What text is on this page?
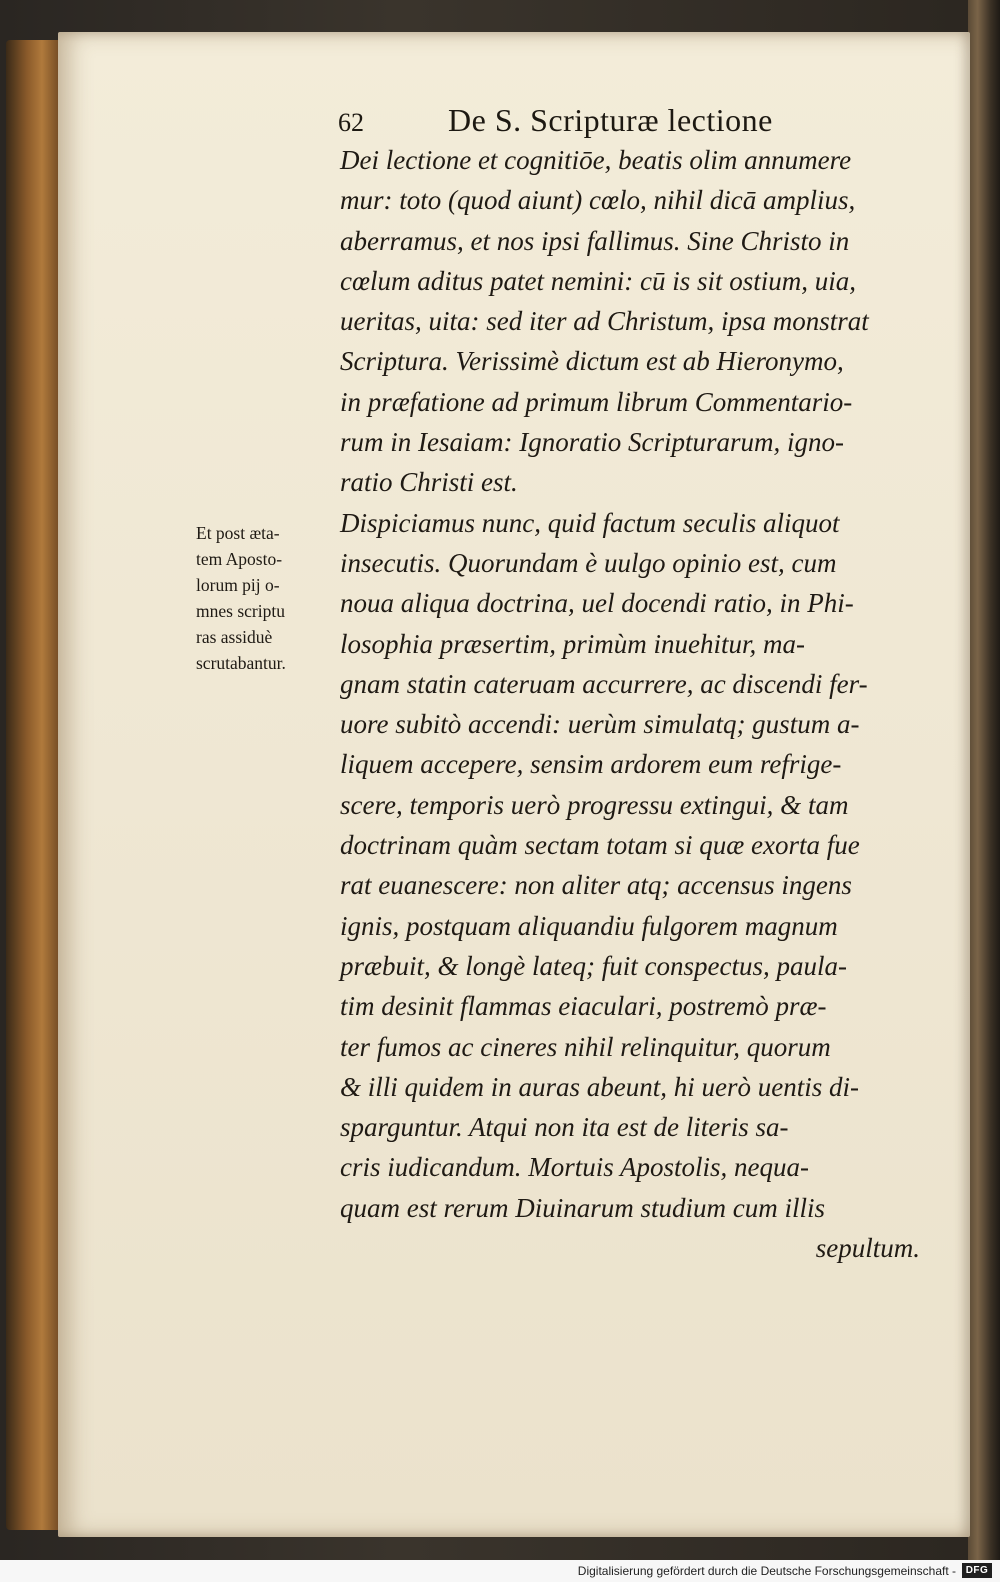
62	De S. Scripturæ lectione
Et post æta-
tem Aposto-
lorum pij o-
mnes scriptu
ras assiduè
scrutabantur.
Dei lectione et cognitiōe, beatis olim annumere
mur: toto (quod aiunt) cœlo, nihil dicā amplius,
aberramus, et nos ipsi fallimus. Sine Christo in
cœlum aditus patet nemini: cū is sit ostium, uia,
ueritas, uita: sed iter ad Christum, ipsa monstrat
Scriptura. Verissimè dictum est ab Hieronymo,
in præfatione ad primum librum Commentario-
rum in Iesaiam: Ignoratio Scripturarum, igno-
ratio Christi est.
Dispiciamus nunc, quid factum seculis aliquot
insecutis. Quorundam è uulgo opinio est, cum
noua aliqua doctrina, uel docendi ratio, in Phi-
losophia præsertim, primùm inuehitur, ma-
gnam statin cateruam accurrere, ac discendi fer-
uore subitò accendi: uerùm simulatq; gustum a-
liquem accepere, sensim ardorem eum refrige-
scere, temporis uerò progressu extingui, & tam
doctrinam quàm sectam totam si quæ exorta fue
rat euanescere: non aliter atq; accensus ingens
ignis, postquam aliquandiu fulgorem magnum
præbuit, & longè lateq; fuit conspectus, paula-
tim desinit flammas eiaculari, postremò præ-
ter fumos ac cineres nihil relinquitur, quorum
& illi quidem in auras abeunt, hi uerò uentis di-
sparguntur. Atqui non ita est de literis sa-
cris iudicandum. Mortuis Apostolis, nequa-
quam est rerum Diuinarum studium cum illis
sepultum.
Digitalisierung gefördert durch die Deutsche Forschungsgemeinschaft - DFG
